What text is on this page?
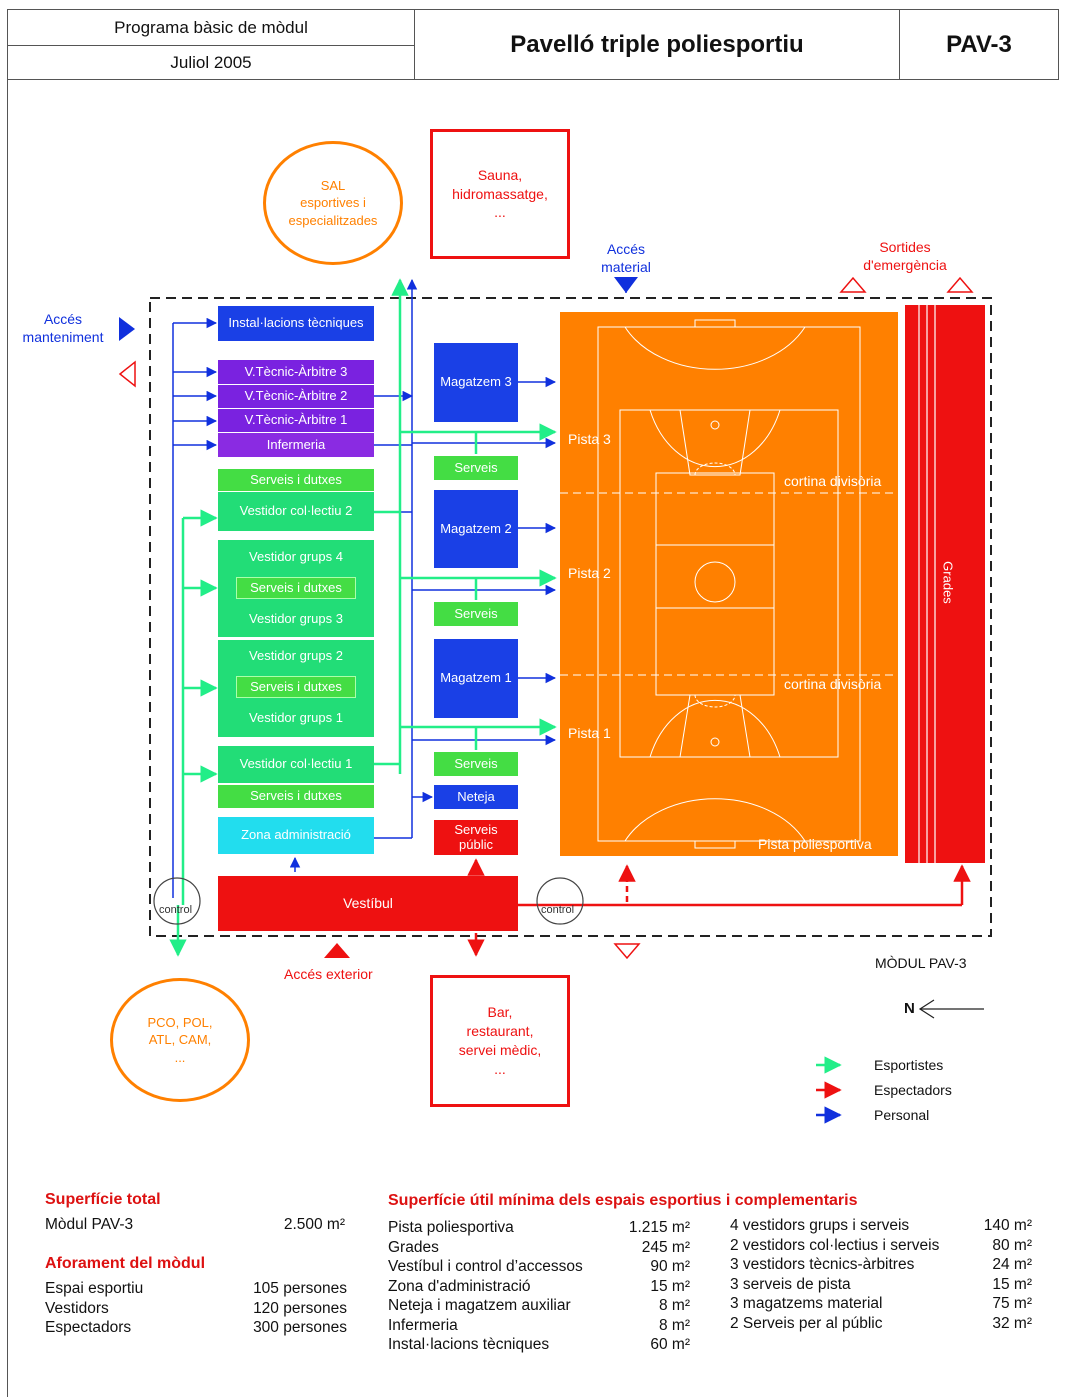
Programa bàsic de mòdul
Juliol 2005
Pavelló triple poliesportiu	PAV-3
SAL
esportives i
especialitzades
Sauna,
hidromassatge,
...
Accés
material
Sortides
d'emergència
Accés
manteniment
Instal·lacions tècniques
V.Tècnic-Àrbitre 3
V.Tècnic-Àrbitre 2
V.Tècnic-Àrbitre 1
Infermeria
Serveis i dutxes
Vestidor col·lectiu 2
Vestidor grups 4
Serveis i dutxes
Vestidor grups 3
Vestidor grups 2
Serveis i dutxes
Vestidor grups 1
Vestidor col·lectiu 1
Serveis i dutxes
Zona administració
Magatzem 3
Serveis
Magatzem 2
Serveis
Magatzem 1
Serveis
Neteja
Serveis
públic
Pista 3
Pista 2
Pista 1
cortina divisòria
cortina divisòria
Pista poliesportiva
Grades
Vestíbul
control	control
Accés exterior
PCO, POL,
ATL, CAM,
...
Bar,
restaurant,
servei mèdic,
...
MÒDUL PAV-3
N
Esportistes
Espectadors
Personal
Superfície total
Mòdul PAV-3	2.500 m²
Aforament del mòdul
Espai esportiu	105 persones
Vestidors	120 persones
Espectadors	300 persones
Superfície útil mínima dels espais esportius i complementaris
Pista poliesportiva	1.215 m²
Grades	245 m²
Vestíbul i control d’accessos	90 m²
Zona d'administració	15 m²
Neteja i magatzem auxiliar	8 m²
Infermeria	8 m²
Instal·lacions tècniques	60 m²
4 vestidors grups i serveis	140 m²
2 vestidors col·lectius i serveis	80 m²
3 vestidors tècnics-àrbitres	24 m²
3 serveis de pista	15 m²
3 magatzems material	75 m²
2 Serveis per al públic	32 m²
